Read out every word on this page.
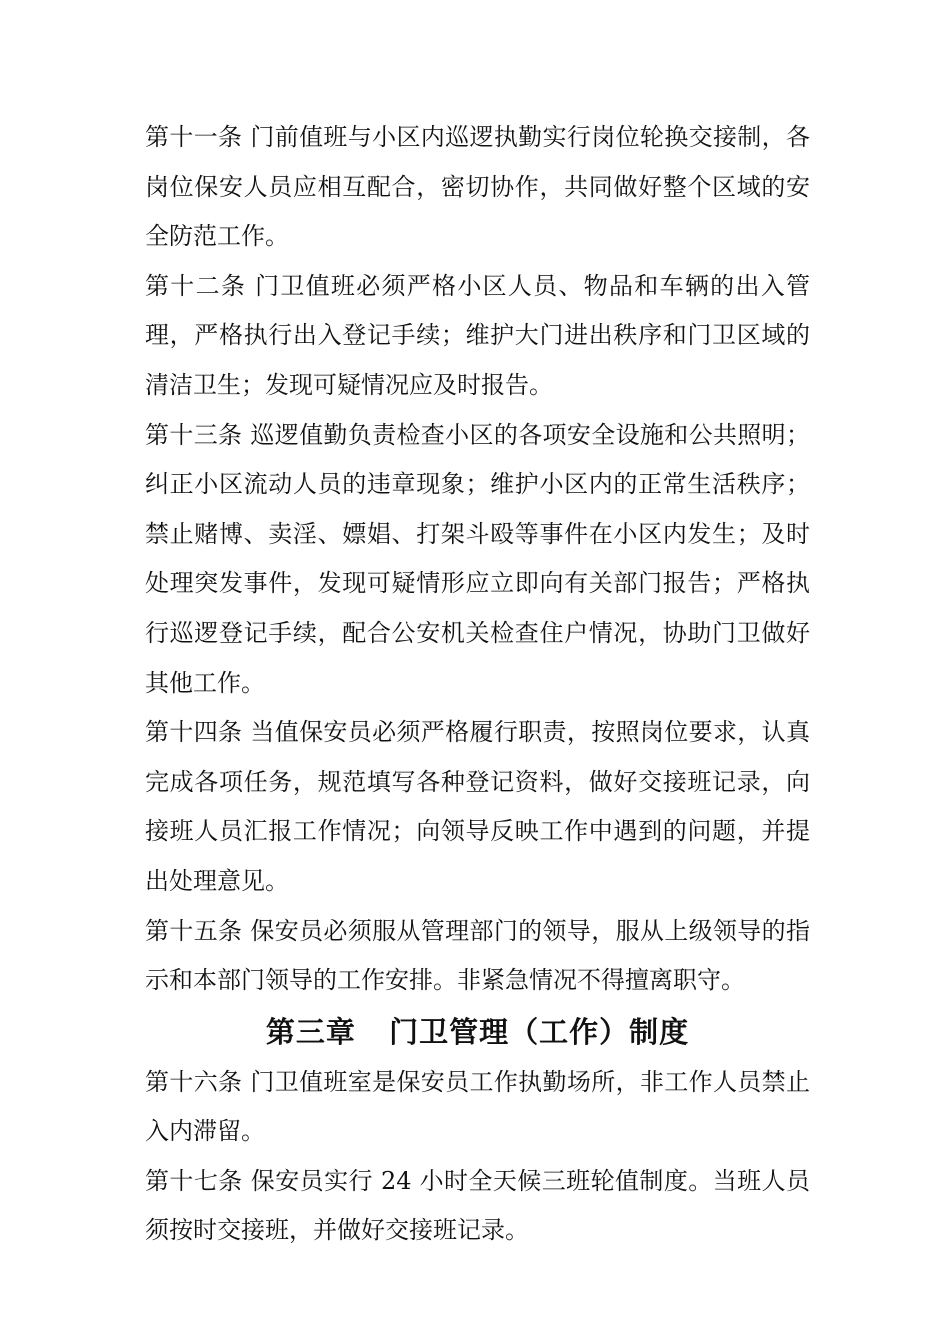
第十一条 门前值班与小区内巡逻执勤实行岗位轮换交接制，各岗位保安人员应相互配合，密切协作，共同做好整个区域的安全防范工作。

第十二条 门卫值班必须严格小区人员、物品和车辆的出入管理，严格执行出入登记手续；维护大门进出秩序和门卫区域的清洁卫生；发现可疑情况应及时报告。

第十三条 巡逻值勤负责检查小区的各项安全设施和公共照明；纠正小区流动人员的违章现象；维护小区内的正常生活秩序；禁止赌博、卖淫、嫖娼、打架斗殴等事件在小区内发生；及时处理突发事件，发现可疑情形应立即向有关部门报告；严格执行巡逻登记手续，配合公安机关检查住户情况，协助门卫做好其他工作。

第十四条 当值保安员必须严格履行职责，按照岗位要求，认真完成各项任务，规范填写各种登记资料，做好交接班记录，向接班人员汇报工作情况；向领导反映工作中遇到的问题，并提出处理意见。

第十五条 保安员必须服从管理部门的领导，服从上级领导的指示和本部门领导的工作安排。非紧急情况不得擅离职守。

第三章 门卫管理（工作）制度

第十六条 门卫值班室是保安员工作执勤场所，非工作人员禁止入内滞留。

第十七条 保安员实行 24 小时全天候三班轮值制度。当班人员须按时交接班，并做好交接班记录。
